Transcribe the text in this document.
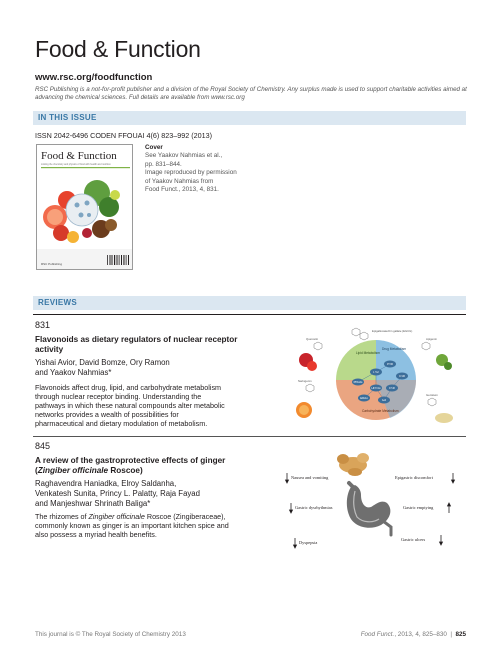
Food & Function
www.rsc.org/foodfunction
RSC Publishing is a not-for-profit publisher and a division of the Royal Society of Chemistry. Any surplus made is used to support charitable activities aimed at advancing the chemical sciences. Full details are available from www.rsc.org
IN THIS ISSUE
ISSN 2042-6496 CODEN FFOUAI 4(6) 823–992 (2013)
Food & Function
Linking the chemistry and physics of food with health and nutrition
RSC Publishing
Cover
See Yaakov Nahmias et al.,
pp. 831–844.
Image reproduced by permission
of Yaakov Nahmias from
Food Funct., 2013, 4, 831.
REVIEWS
831
Flavonoids as dietary regulators of nuclear receptor
activity
Yishai Avior, David Bomze, Ory Ramon
and Yaakov Nahmias*
Flavonoids affect drug, lipid, and carbohydrate metabolism
through nuclear receptor binding. Understanding the
pathways in which these natural compounds alter metabolic
networks provides a wealth of possibilities for
pharmaceutical and dietary modulation of metabolism.
Lipid Metabolism
Drug Metabolism
Carbohydrate Metabolism
PXR
CAR
FXR
LXR
PPARs
HNF4α
ERRα	GR
Epigallocatechin gallate (EGCG)
Quercetin	Apigenin
Naringenin
Genistein
845
A review of the gastroprotective effects of ginger
(Zingiber officinale Roscoe)
Raghavendra Haniadka, Elroy Saldanha,
Venkatesh Sunita, Princy L. Palatty, Raja Fayad
and Manjeshwar Shrinath Baliga*
The rhizomes of Zingiber officinale Roscoe (Zingiberaceae),
commonly known as ginger is an important kitchen spice and
also possess a myriad health benefits.
Nausea and vomiting	Epigastric discomfort
Gastric dysrhythmias	Gastric emptying
Dyspepsia
Gastric ulcers
This journal is © The Royal Society of Chemistry 2013	Food Funct., 2013, 4, 825–830  |  825
